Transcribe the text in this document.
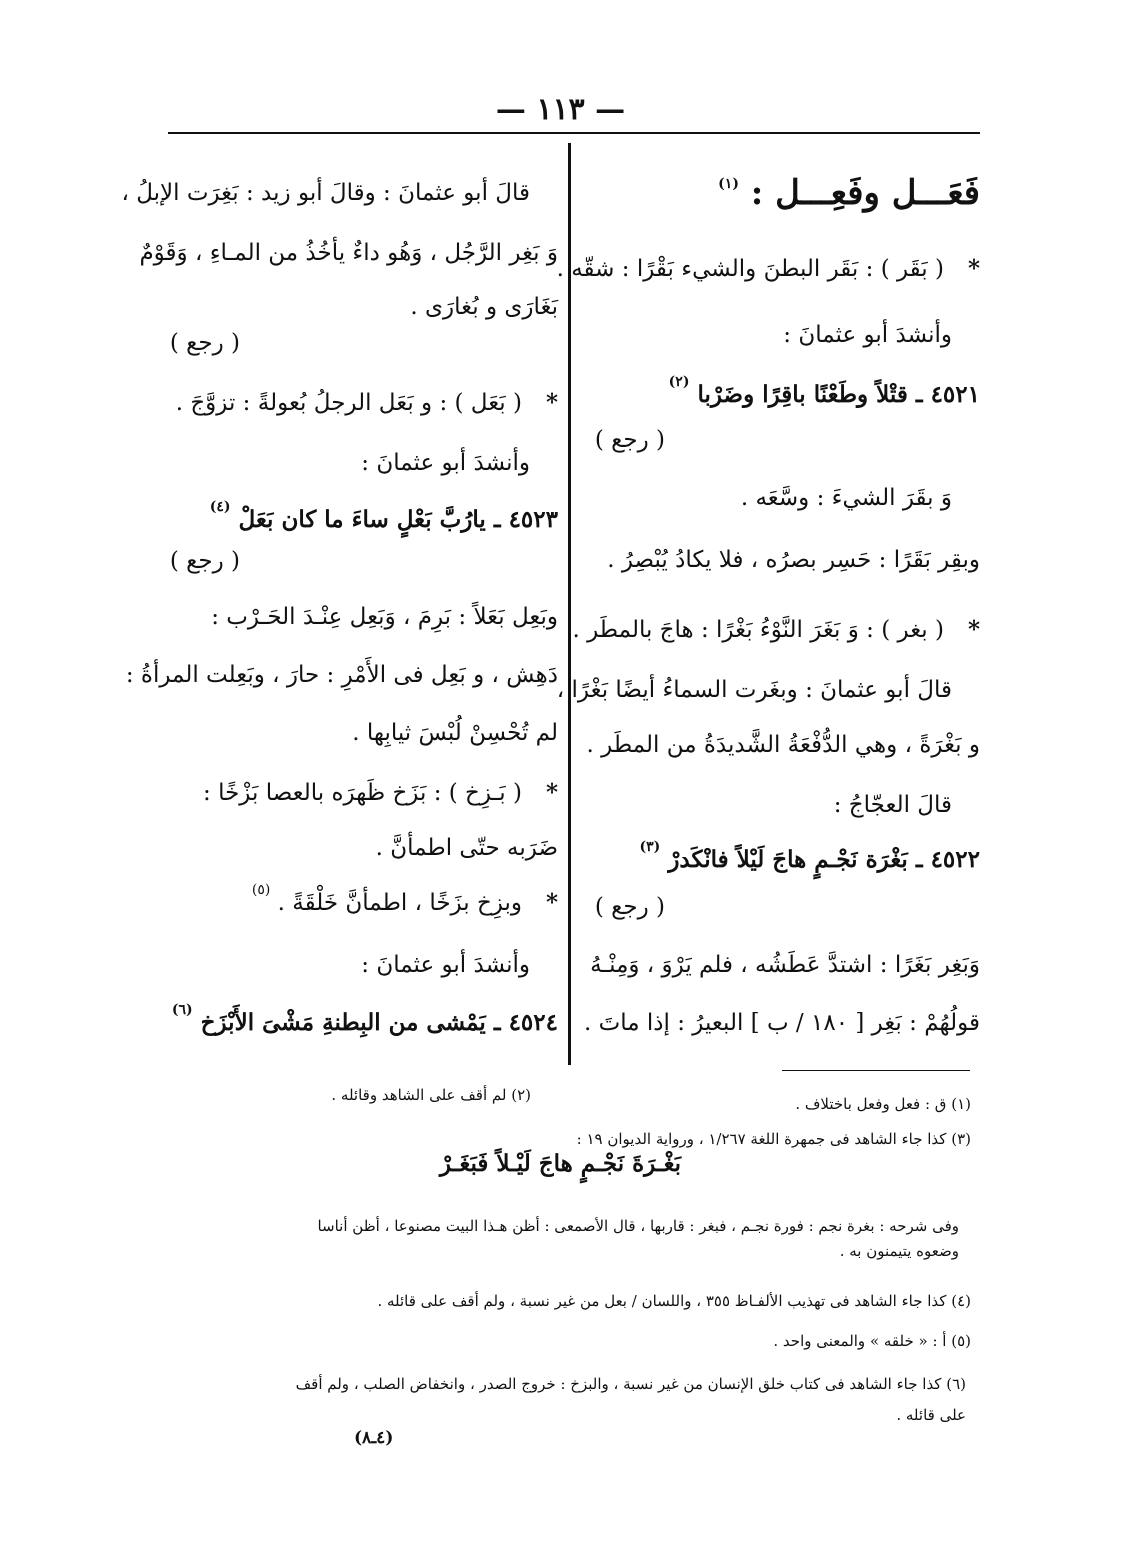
— ١١٣ —
فَعَـــل وفَعِـــل : $^{(١)}$
*( بَقَر ) : بَقَر البطنَ والشيء بَقْرًا : شقّه .
وأنشدَ أبو عثمانَ :
٤٥٢١ ـ قتْلاً وطَعْنًا باقِرًا وضَرْبا $^{(٢)}$
( رجع )
وَ بقَرَ الشيءَ : وسَّعَه .
وبقِر بَقَرًا : حَسِر بصرُه ، فلا يكادُ يُبْصِرُ .
*( بغر ) : وَ بَغَرَ النَّوْءُ بَغْرًا : هاجَ بالمطَر .
قالَ أبو عثمانَ : وبغَرت السماءُ أيضًا بَغْرًا ،
و بَغْرَةً ، وهي الدُّفْعَةُ الشَّديدَةُ من المطَر .
قالَ العجّاجُ :
٤٥٢٢ ـ بَغْرَة نَجْـمٍ هاجَ لَيْلاً فانْكَدرْ $^{(٣)}$
( رجع )
وَبَغِر بَغَرًا : اشتدَّ عَطَشُه ، فلم يَرْوَ ، وَمِنْـهُ
قولُهُمْ : بَغِر [ ١٨٠ / ب ] البعيرُ : إذا ماتَ .
قالَ أبو عثمانَ : وقالَ أبو زيد : بَغِرَت الإبلُ ،
وَ بَغِر الرَّجُل ، وَهُو داءٌ يأخُذُ من المـاءِ ، وَقَوْمٌ
بَغَارَى و بُغارَى .
( رجع )
*( بَعَل ) : و بَعَل الرجلُ بُعولةً : تزوَّجَ .
وأنشدَ أبو عثمانَ :
٤٥٢٣ ـ يارُبَّ بَعْلٍ ساءَ ما كان بَعَلْ $^{(٤)}$
( رجع )
وبَعِل بَعَلاً : بَرِمَ ، وَبَعِل عِنْـدَ الحَـرْب :
دَهِش ، و بَعِل فى الأَمْرِ : حارَ ، وبَعِلت المرأةُ :
لم تُحْسِنْ لُبْسَ ثيابِها .
*( بَـزِخ ) : بَزَخ ظَهرَه بالعصا بَزْخًا :
ضَرَبه حتّى اطمأنَّ .
*وبزِخ بزَخًا ، اطمأنَّ خَلْقَةً . $^{(٥)}$
وأنشدَ أبو عثمانَ :
٤٥٢٤ ـ يَمْشى من البِطنةِ مَشْىَ الأَبْزَخ $^{(٦)}$
(١) ق : فعل وفعل باختلاف .
(٢) لم أقف على الشاهد وقائله .
(٣) كذا جاء الشاهد فى جمهرة اللغة ١/٢٦٧ ، ورواية الديوان ١٩ :
بَغْـرَةَ نَجْـمٍ هاجَ لَيْـلاً فَبَغَـرْ
وفى شرحه : بغرة نجم : فورة نجـم ، فبغر : قاربها ، قال الأصمعى : أظن هـذا البيت مصنوعا ، أظن أناسا
وضعوه يتيمنون به .
(٤) كذا جاء الشاهد فى تهذيب الألفـاظ ٣٥٥ ، واللسان / بعل من غير نسبة ، ولم أقف على قائله .
(٥) أ : « خلقه » والمعنى واحد .
(٦) كذا جاء الشاهد فى كتاب خلق الإنسان من غير نسبة ، والبزخ : خروج الصدر ، وانخفاض الصلب ، ولم أقف
على قائله .
(٤ـ٨)
